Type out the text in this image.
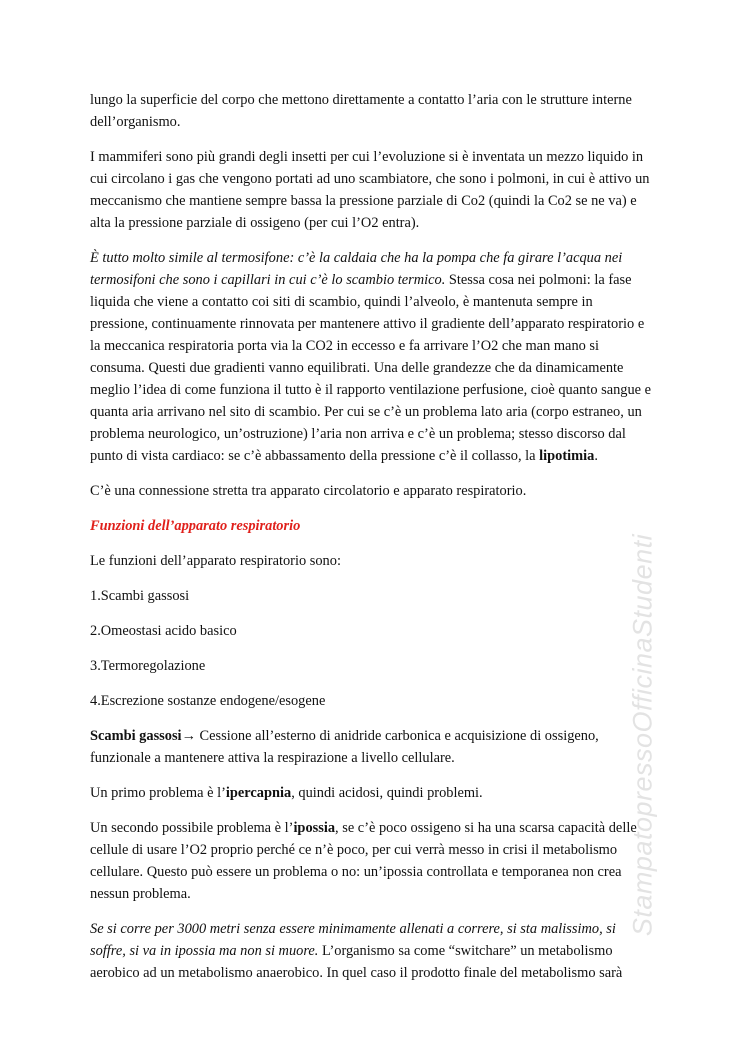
lungo la superficie del corpo che mettono direttamente a contatto l’aria con le strutture interne dell’organismo.

I mammiferi sono più grandi degli insetti per cui l’evoluzione si è inventata un mezzo liquido in cui circolano i gas che vengono portati ad uno scambiatore, che sono i polmoni, in cui è attivo un meccanismo che mantiene sempre bassa la pressione parziale di Co2 (quindi la Co2 se ne va) e alta la pressione parziale di ossigeno (per cui l’O2 entra).

È tutto molto simile al termosifone: c’è la caldaia che ha la pompa che fa girare l’acqua nei termosifoni che sono i capillari in cui c’è lo scambio termico. Stessa cosa nei polmoni: la fase liquida che viene a contatto coi siti di scambio, quindi l’alveolo, è mantenuta sempre in pressione, continuamente rinnovata per mantenere attivo il gradiente dell’apparato respiratorio e la meccanica respiratoria porta via la CO2 in eccesso e fa arrivare l’O2 che man mano si consuma. Questi due gradienti vanno equilibrati. Una delle grandezze che da dinamicamente meglio l’idea di come funziona il tutto è il rapporto ventilazione perfusione, cioè quanto sangue e quanta aria arrivano nel sito di scambio. Per cui se c’è un problema lato aria (corpo estraneo, un problema neurologico, un’ostruzione) l’aria non arriva e c’è un problema; stesso discorso dal punto di vista cardiaco: se c’è abbassamento della pressione c’è il collasso, la lipotimia.

C’è una connessione stretta tra apparato circolatorio e apparato respiratorio.

Funzioni dell’apparato respiratorio

Le funzioni dell’apparato respiratorio sono:

1.Scambi gassosi

2.Omeostasi acido basico

3.Termoregolazione

4.Escrezione sostanze endogene/esogene

Scambi gassosi→ Cessione all’esterno di anidride carbonica e acquisizione di ossigeno, funzionale a mantenere attiva la respirazione a livello cellulare.

Un primo problema è l’ipercapnia, quindi acidosi, quindi problemi.

Un secondo possibile problema è l’ipossia, se c’è poco ossigeno si ha una scarsa capacità delle cellule di usare l’O2 proprio perché ce n’è poco, per cui verrà messo in crisi il metabolismo cellulare. Questo può essere un problema o no: un’ipossia controllata e temporanea non crea nessun problema.

Se si corre per 3000 metri senza essere minimamente allenati a correre, si sta malissimo, si soffre, si va in ipossia ma non si muore. L’organismo sa come “switchare” un metabolismo aerobico ad un metabolismo anaerobico. In quel caso il prodotto finale del metabolismo sarà

StampatopressoOfficinaStudenti
